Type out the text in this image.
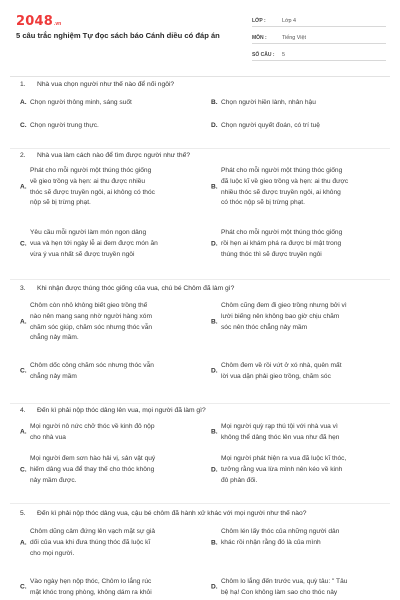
2048 .vn
5 câu trắc nghiệm Tự đọc sách báo Cánh diều có đáp án
LỚP :	Lớp 4
MÔN :	Tiếng Việt
SỐ CÂU :	5
1. Nhà vua chọn người như thế nào để nối ngôi?
A. Chọn người thông minh, sáng suốt	B. Chọn người hiền lành, nhân hậu
C. Chọn người trung thực.	D. Chọn người quyết đoán, có trí tuệ
2. Nhà vua làm cách nào để tìm được người như thế?
A.
Phát cho mỗi người một thúng thóc giống
về gieo trồng và hẹn: ai thu được nhiều
thóc sẽ được truyền ngôi, ai không có thóc
nộp sẽ bị trừng phạt.
B.
Phát cho mỗi người một thúng thóc giống
đã luộc kĩ về gieo trồng và hẹn: ai thu được
nhiều thóc sẽ được truyền ngôi, ai không
có thóc nộp sẽ bị trừng phạt.
C.
Yêu cầu mỗi người làm món ngon dâng
vua và hẹn tới ngày lễ ai đem được món ăn
vừa ý vua nhất sẽ được truyền ngôi
D.
Phát cho mỗi người một thúng thóc giống
rồi hẹn ai khám phá ra được bí mật trong
thúng thóc thì sẽ được truyền ngôi
3. Khi nhận được thúng thóc giống của vua, chú bé Chôm đã làm gì?
A.
Chôm còn nhỏ không biết gieo trồng thế
nào nên mang sang nhờ người hàng xóm
chăm sóc giúp, chăm sóc nhưng thóc vẫn
chẳng nảy mầm.
B.
Chôm cũng đem đi gieo trồng nhưng bởi vì
lười biếng nên không bao giờ chịu chăm
sóc nên thóc chẳng nảy mầm
C.
Chôm dốc công chăm sóc nhưng thóc vẫn
chẳng nảy mầm
D.
Chôm đem về rồi vứt ở xó nhà, quên mất
lời vua dặn phải gieo trồng, chăm sóc
4. Đến kì phải nộp thóc dâng lên vua, mọi người đã làm gì?
A.
Mọi người nô nức chở thóc về kinh đô nộp
cho nhà vua
B.
Mọi người quỳ rạp thú tội với nhà vua vì
không thể dâng thóc lên vua như đã hẹn
C.
Mọi người đem sơn hào hải vị, sản vật quý
hiếm dâng vua để thay thế cho thóc không
nảy mầm được.
D.
Mọi người phát hiện ra vua đã luộc kĩ thóc,
tưởng rằng vua lừa mình nên kéo về kinh
đô phản đối.
5. Đến kì phải nộp thóc dâng vua, cậu bé chôm đã hành xử khác với mọi người như thế nào?
A.
Chôm dũng cảm đứng lên vạch mặt sự giả
dối của vua khi đưa thúng thóc đã luộc kĩ
cho mọi người.
B.
Chôm lén lấy thóc của những người dân
khác rồi nhận rằng đó là của mình
C.
Vào ngày hẹn nộp thóc, Chôm lo lắng rúc
mặt khóc trong phòng, không dám ra khỏi
D.
Chôm lo lắng đến trước vua, quỳ tâu: " Tâu
bệ hạ! Con không làm sao cho thóc nảy
